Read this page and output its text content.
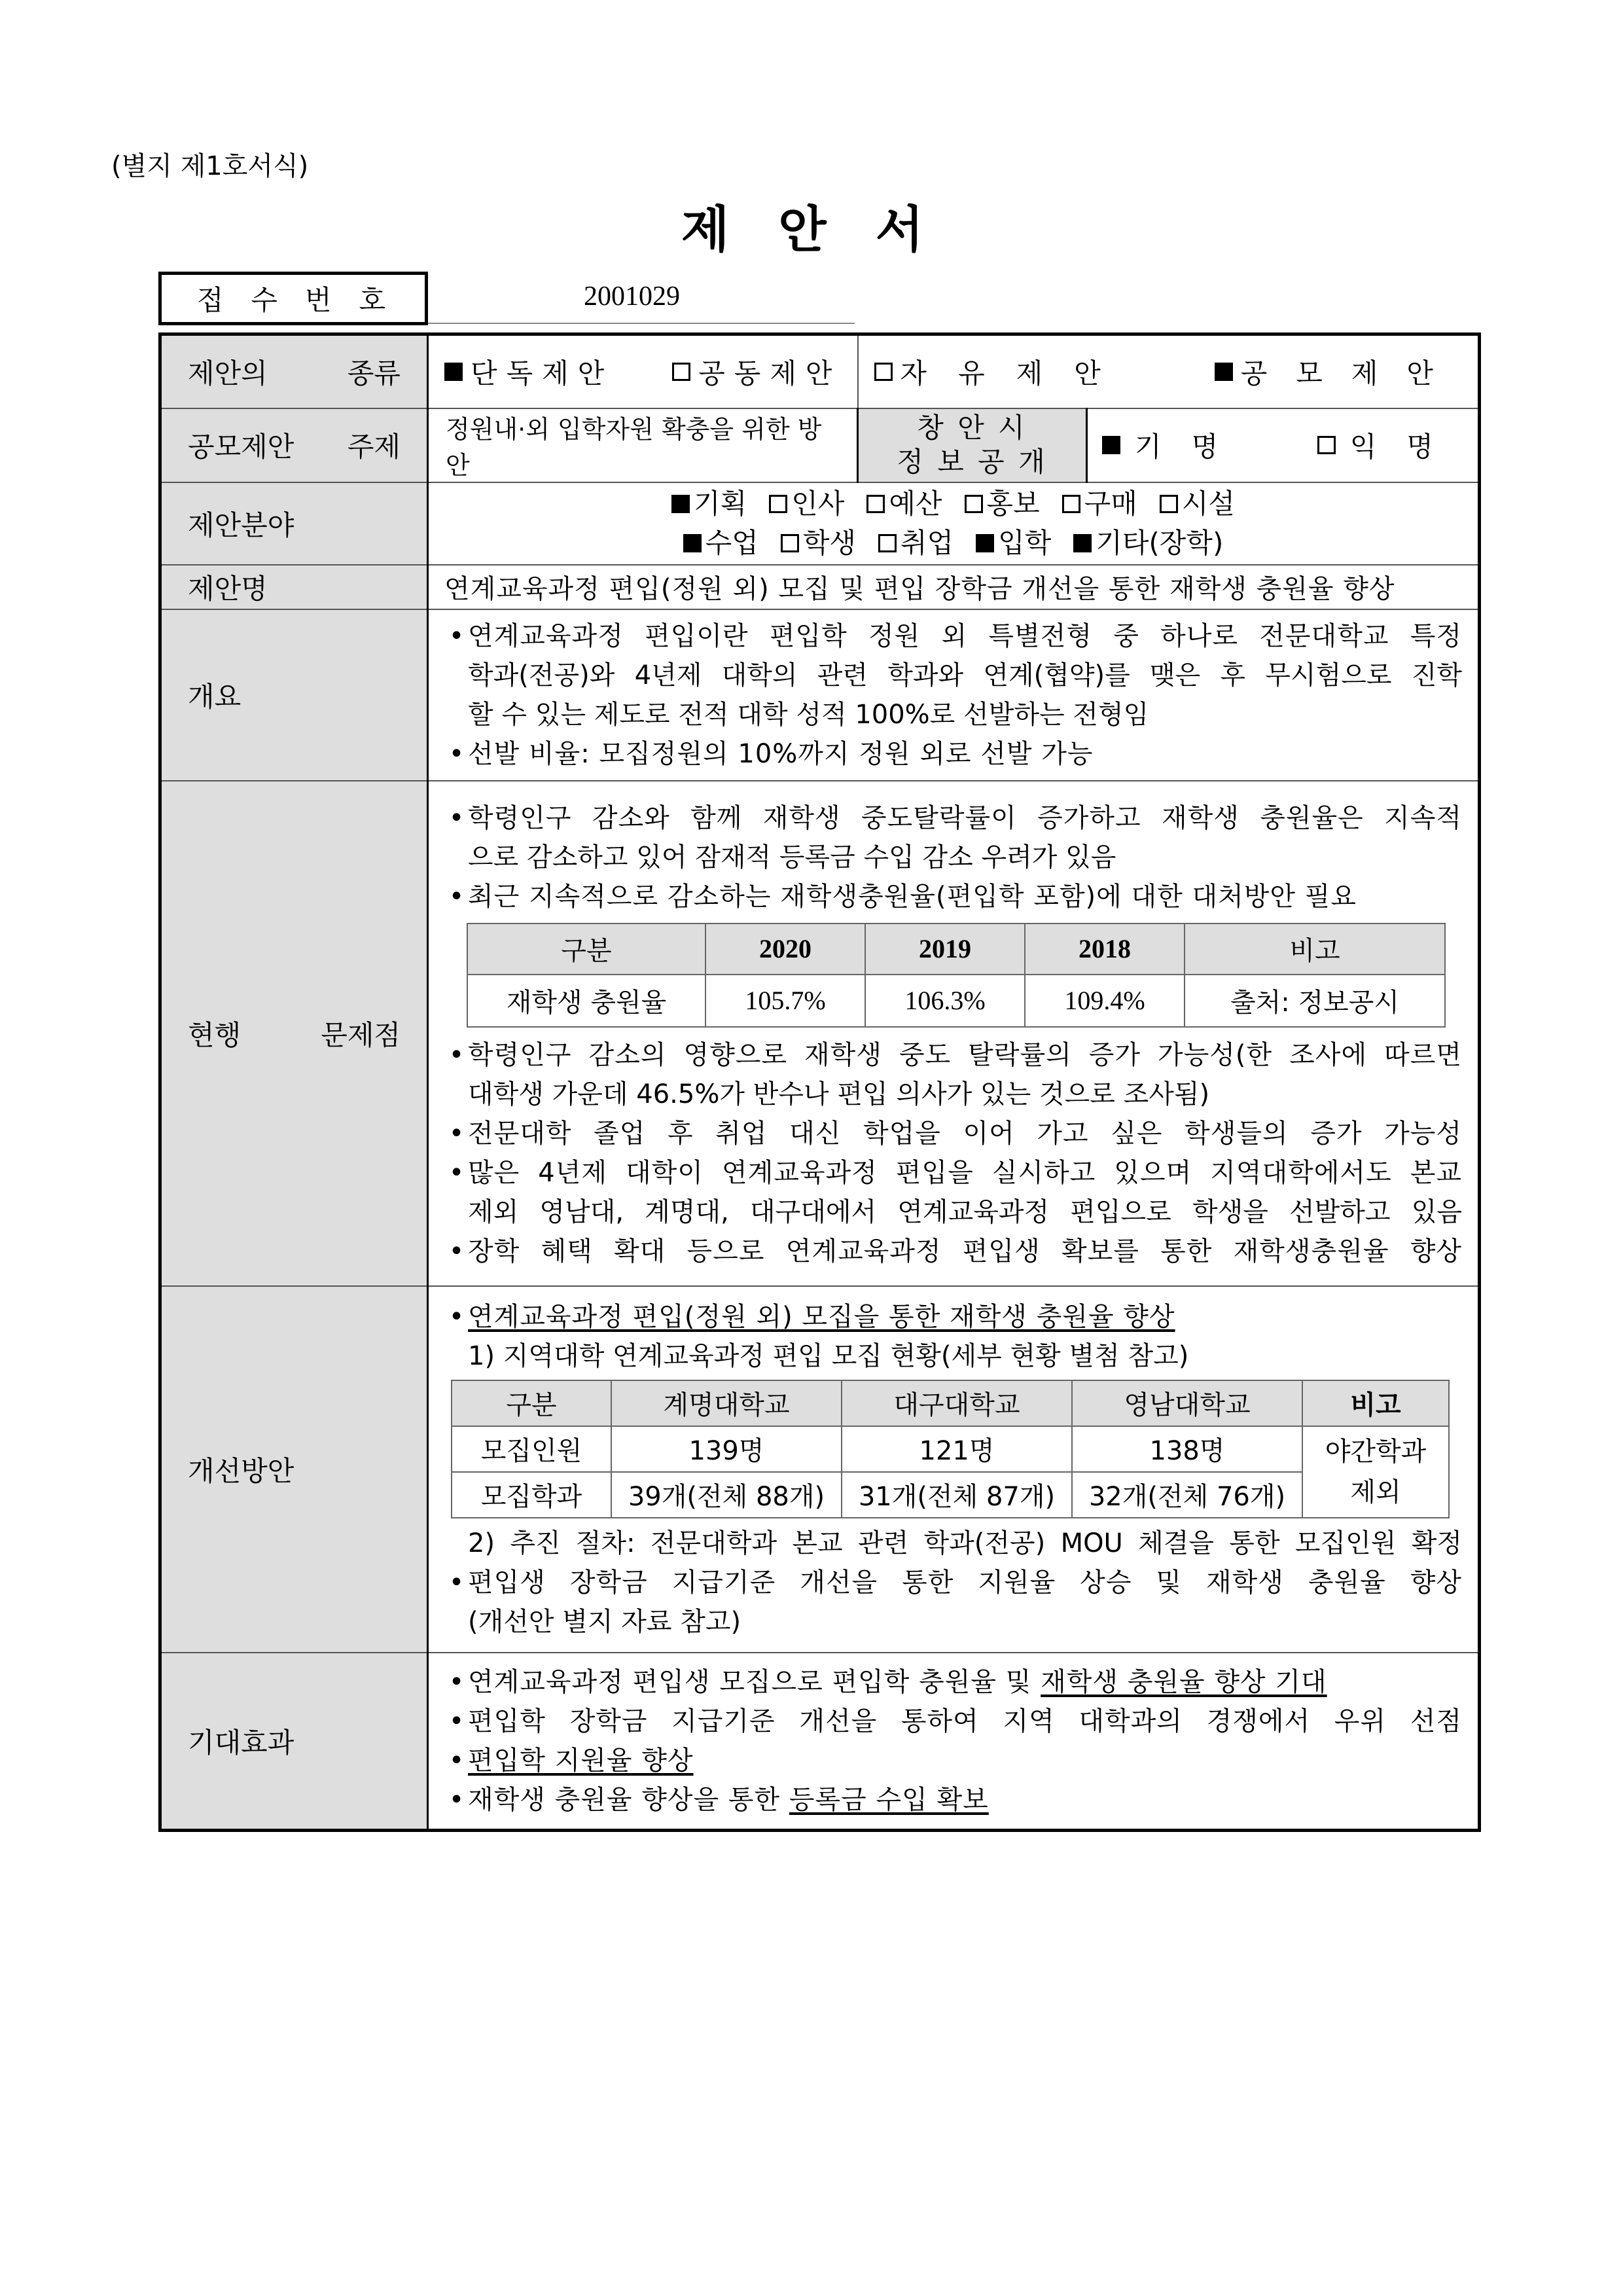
(별지 제1호서식)
제 안 서
접수번호	2001029
제안의 종류	단독제안	공동제안	자유제안	공모제안

공모제안 주제	정원내·외 입학자원 확충을 위한 방안	
창 안 시
정 보 공 개	기명	익명

제안분야	
기획 인사 예산 홍보 구매 시설
수업 학생 취업 입학 기타(장학)

제안명	연계교육과정 편입(정원 외) 모집 및 편입 장학금 개선을 통한 재학생 충원율 향상
개요	
• 연계교육과정 편입이란 편입학 정원 외 특별전형 중 하나로 전문대학교 특정
학과(전공)와 4년제 대학의 관련 학과와 연계(협약)를 맺은 후 무시험으로 진학
할 수 있는 제도로 전적 대학 성적 100%로 선발하는 전형임
• 선발 비율: 모집정원의 10%까지 정원 외로 선발 가능

현행 문제점	
• 학령인구 감소와 함께 재학생 중도탈락률이 증가하고 재학생 충원율은 지속적
으로 감소하고 있어 잠재적 등록금 수입 감소 우려가 있음
• 최근 지속적으로 감소하는 재학생충원율(편입학 포함)에 대한 대처방안 필요
구분	2020	2019	2018	비고
재학생 충원율	105.7%	106.3%	109.4%	출처: 정보공시
• 학령인구 감소의 영향으로 재학생 중도 탈락률의 증가 가능성(한 조사에 따르면
대학생 가운데 46.5%가 반수나 편입 의사가 있는 것으로 조사됨)
• 전문대학 졸업 후 취업 대신 학업을 이어 가고 싶은 학생들의 증가 가능성
• 많은 4년제 대학이 연계교육과정 편입을 실시하고 있으며 지역대학에서도 본교
제외 영남대, 계명대, 대구대에서 연계교육과정 편입으로 학생을 선발하고 있음
• 장학 혜택 확대 등으로 연계교육과정 편입생 확보를 통한 재학생충원율 향상

개선방안	
• 연계교육과정 편입(정원 외) 모집을 통한 재학생 충원율 향상
1) 지역대학 연계교육과정 편입 모집 현황(세부 현황 별첨 참고)
구분	계명대학교	대구대학교	영남대학교	비고
모집인원	139명	121명	138명	야간학과
제외

모집학과	39개(전체 88개)	31개(전체 87개)	32개(전체 76개)
2) 추진 절차: 전문대학과 본교 관련 학과(전공) MOU 체결을 통한 모집인원 확정
• 편입생 장학금 지급기준 개선을 통한 지원율 상승 및 재학생 충원율 향상
(개선안 별지 자료 참고)

기대효과	
• 연계교육과정 편입생 모집으로 편입학 충원율 및 재학생 충원율 향상 기대
• 편입학 장학금 지급기준 개선을 통하여 지역 대학과의 경쟁에서 우위 선점
• 편입학 지원율 향상
• 재학생 충원율 향상을 통한 등록금 수입 확보
